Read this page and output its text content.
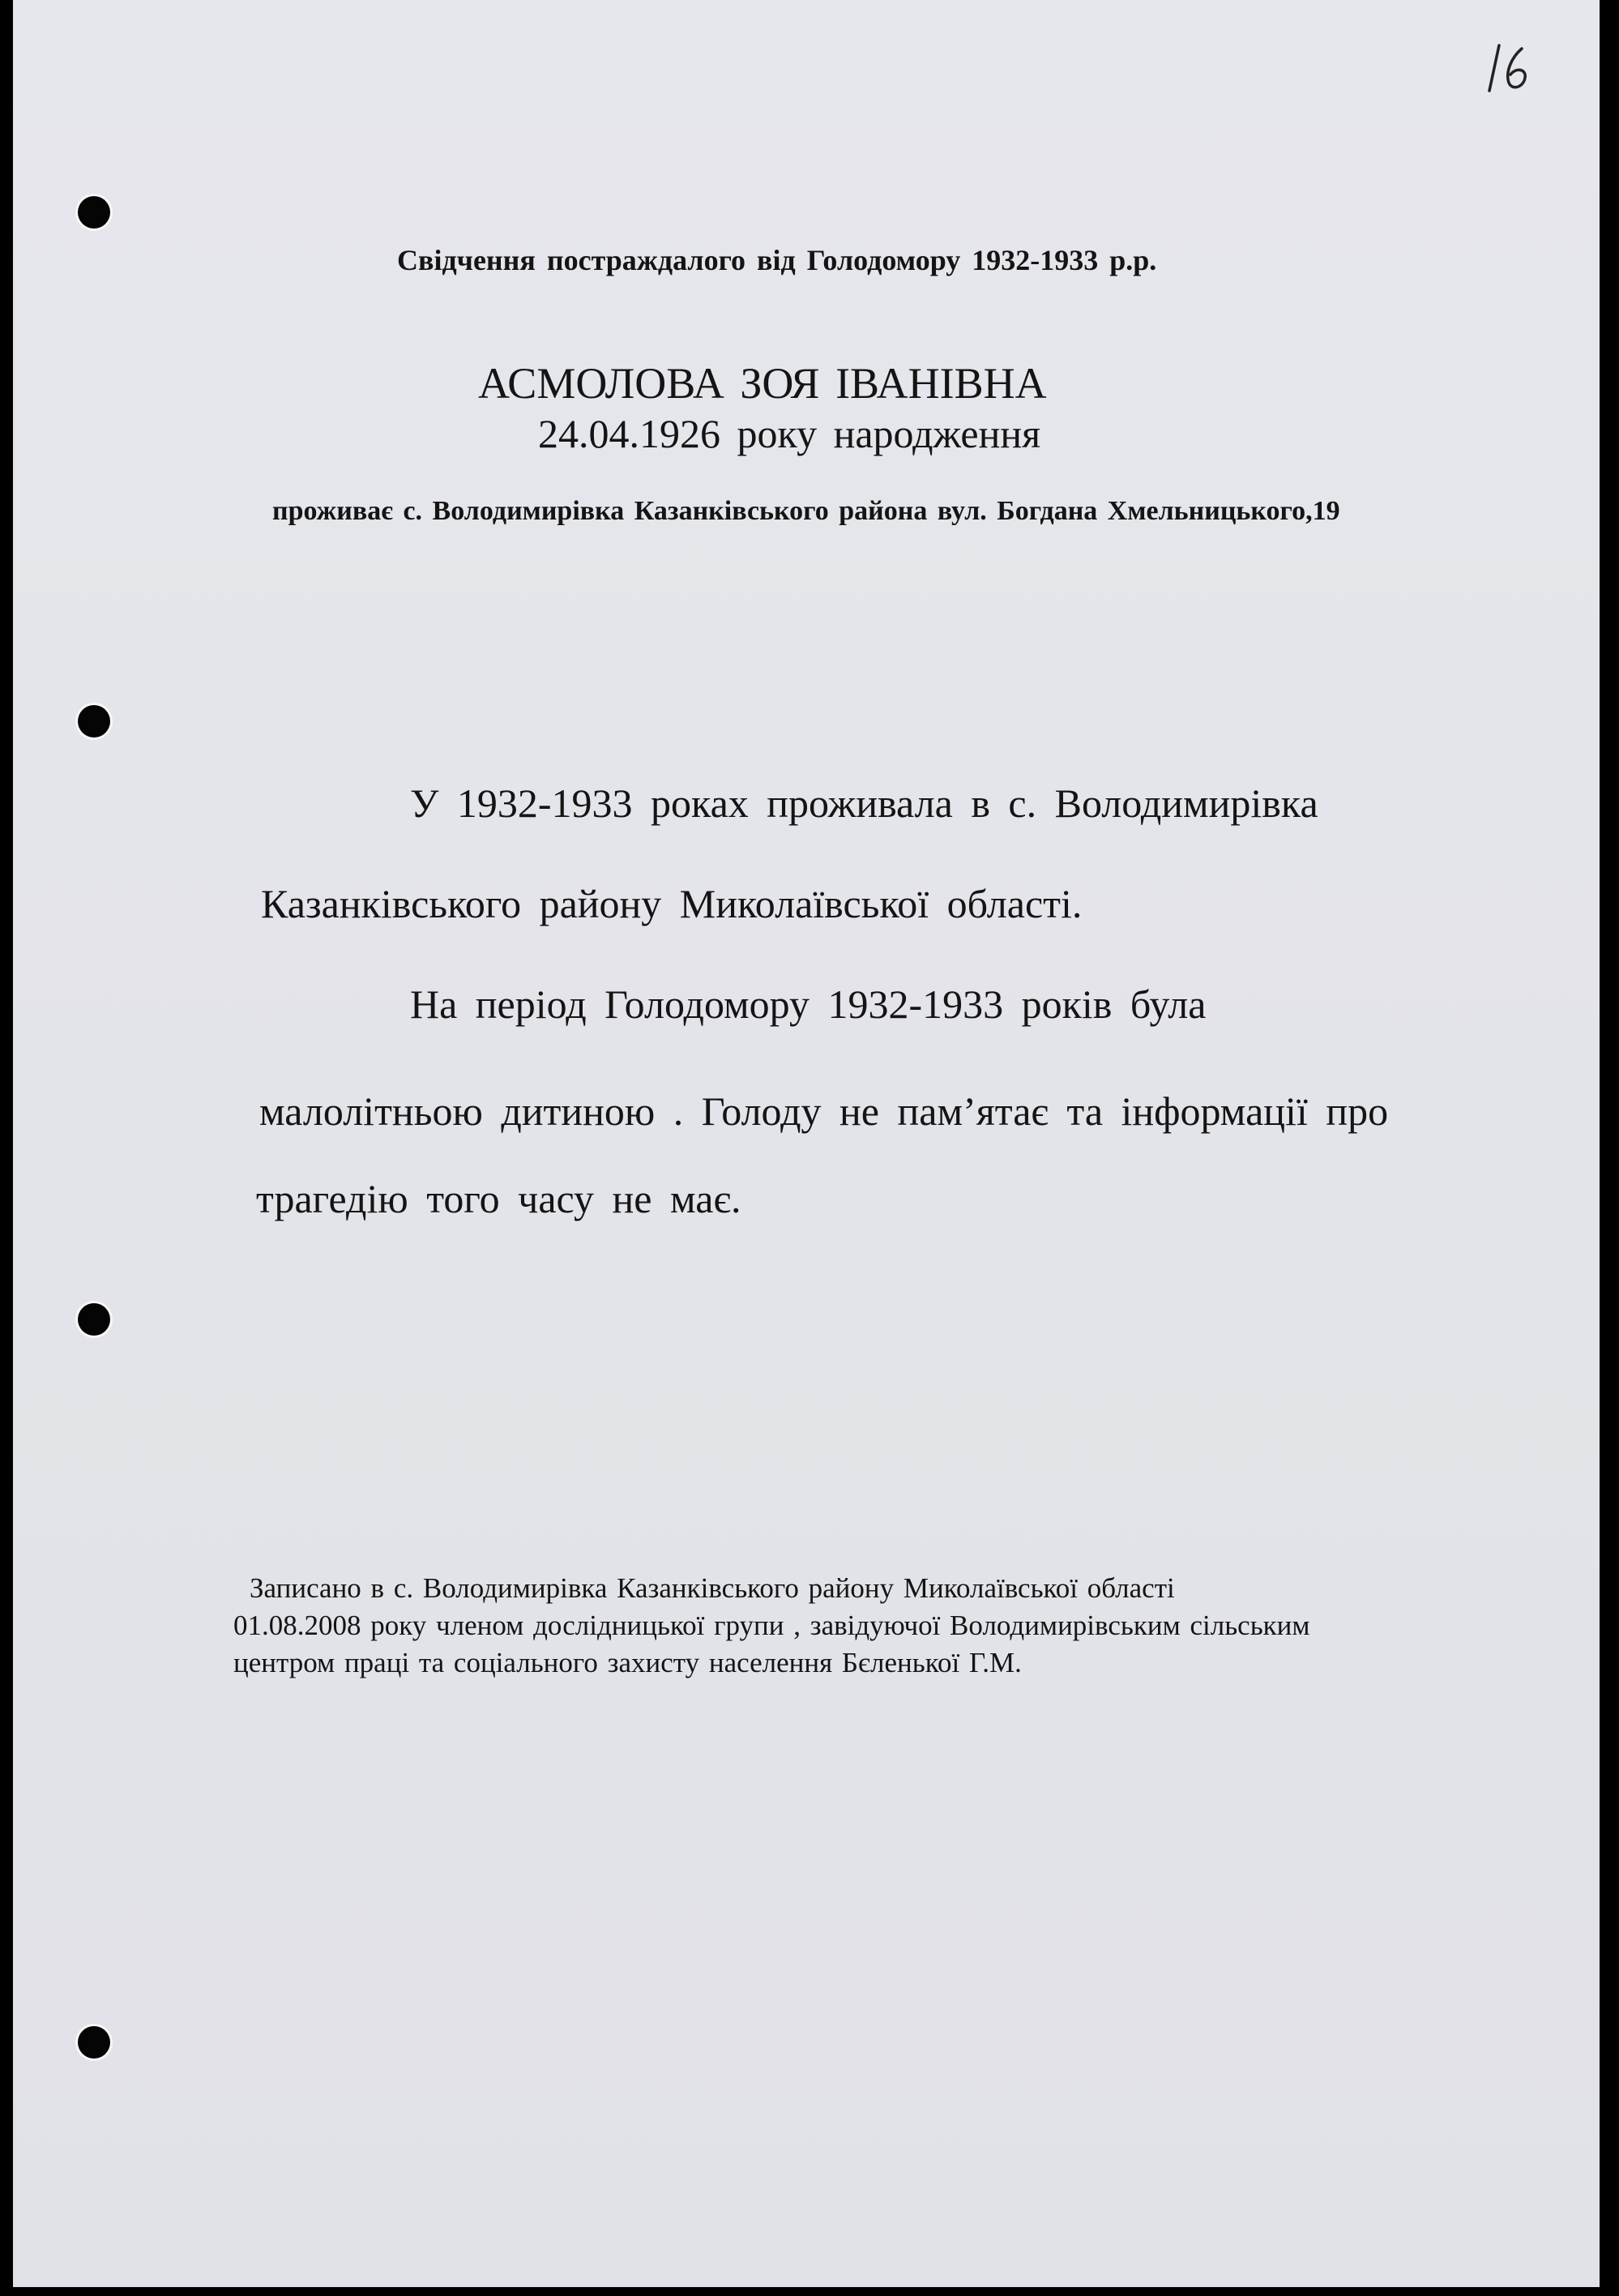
Свідчення постраждалого від Голодомору 1932-1933 р.р.
АСМОЛОВА ЗОЯ ІВАНІВНА
24.04.1926 року народження
проживає с. Володимирівка Казанківського района вул. Богдана Хмельницького,19
У 1932-1933 роках проживала в с. Володимирівка
Казанківського району Миколаївської області.
На період Голодомору 1932-1933 років була
малолітньою дитиною . Голоду не пам’ятає та інформації про
трагедію того часу не має.
Записано в с. Володимирівка Казанківського району Миколаївської області
01.08.2008 року членом дослідницької групи , завідуючої Володимирівським сільським
центром праці та соціального захисту населення Бєленької Г.М.
